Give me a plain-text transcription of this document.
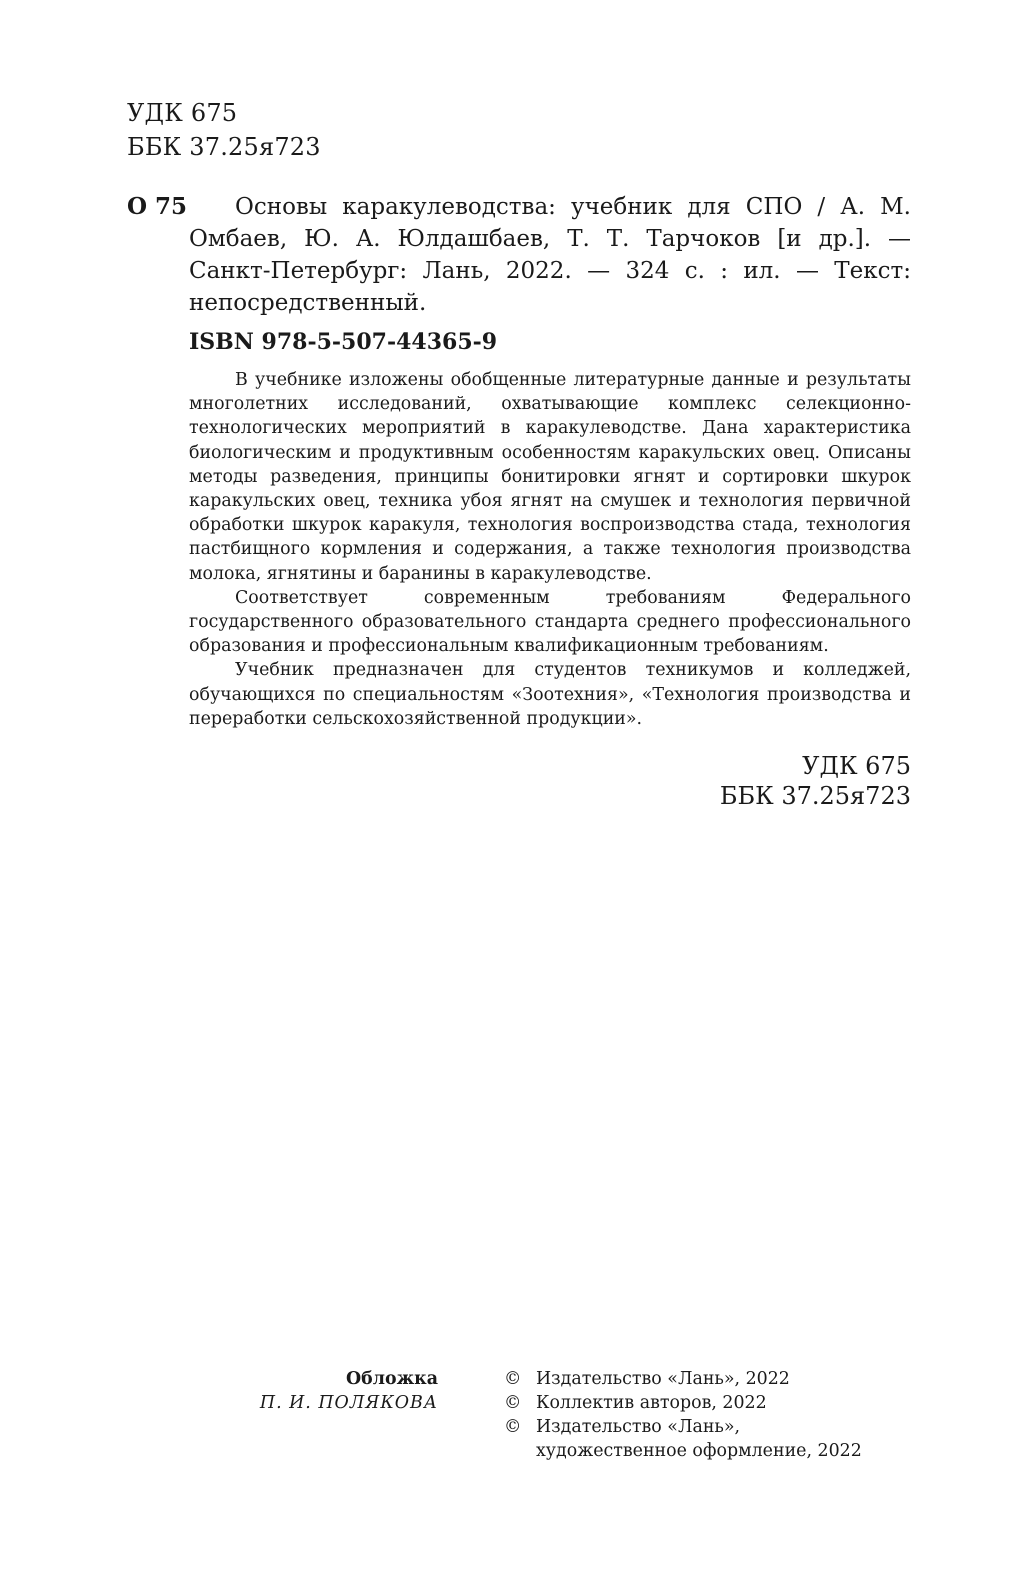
УДК 675
ББК 37.25я723
О 75	Основы каракулеводства: учебник для СПО / А. М. Омбаев, Ю. А. Юлдашбаев, Т. Т. Тарчоков [и др.]. — Санкт-Петербург: Лань, 2022. — 324 с. : ил. — Текст: непосредственный.
ISBN 978-5-507-44365-9

В учебнике изложены обобщенные литературные данные и результаты многолетних исследований, охватывающие комплекс селекционно-технологических мероприятий в каракулеводстве. Дана характеристика биологическим и продуктивным особенностям каракульских овец. Описаны методы разведения, принципы бонитировки ягнят и сортировки шкурок каракульских овец, техника убоя ягнят на смушек и технология первичной обработки шкурок каракуля, технология воспроизводства стада, технология пастбищного кормления и содержания, а также технология производства молока, ягнятины и баранины в каракулеводстве.

Соответствует современным требованиям Федерального государственного образовательного стандарта среднего профессионального образования и профессиональным квалификационным требованиям.

Учебник предназначен для студентов техникумов и колледжей, обучающихся по специальностям «Зоотехния», «Технология производства и переработки сельскохозяйственной продукции».

УДК 675
ББК 37.25я723
Обложка
П. И. ПОЛЯКОВА
© Издательство «Лань», 2022
© Коллектив авторов, 2022
© Издательство «Лань»,
художественное оформление, 2022
